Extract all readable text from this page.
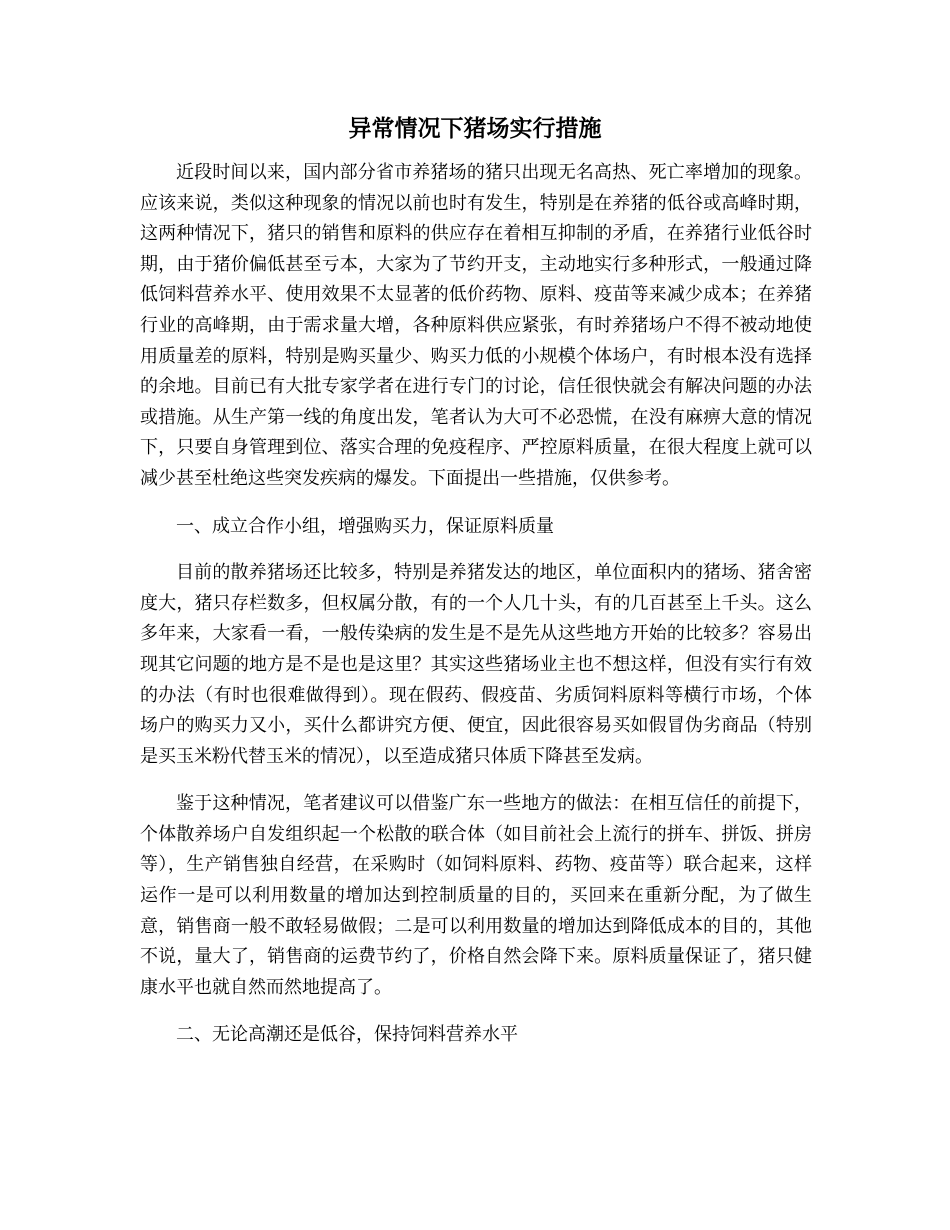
异常情况下猪场实行措施

近段时间以来，国内部分省市养猪场的猪只出现无名高热、死亡率增加的现象。应该来说，类似这种现象的情况以前也时有发生，特别是在养猪的低谷或高峰时期，这两种情况下，猪只的销售和原料的供应存在着相互抑制的矛盾，在养猪行业低谷时期，由于猪价偏低甚至亏本，大家为了节约开支，主动地实行多种形式，一般通过降低饲料营养水平、使用效果不太显著的低价药物、原料、疫苗等来减少成本；在养猪行业的高峰期，由于需求量大增，各种原料供应紧张，有时养猪场户不得不被动地使用质量差的原料，特别是购买量少、购买力低的小规模个体场户，有时根本没有选择的余地。目前已有大批专家学者在进行专门的讨论，信任很快就会有解决问题的办法或措施。从生产第一线的角度出发，笔者认为大可不必恐慌，在没有麻痹大意的情况下，只要自身管理到位、落实合理的免疫程序、严控原料质量，在很大程度上就可以减少甚至杜绝这些突发疾病的爆发。下面提出一些措施，仅供参考。

一、成立合作小组，增强购买力，保证原料质量

目前的散养猪场还比较多，特别是养猪发达的地区，单位面积内的猪场、猪舍密度大，猪只存栏数多，但权属分散，有的一个人几十头，有的几百甚至上千头。这么多年来，大家看一看，一般传染病的发生是不是先从这些地方开始的比较多？容易出现其它问题的地方是不是也是这里？其实这些猪场业主也不想这样，但没有实行有效的办法（有时也很难做得到）。现在假药、假疫苗、劣质饲料原料等横行市场，个体场户的购买力又小，买什么都讲究方便、便宜，因此很容易买如假冒伪劣商品（特别是买玉米粉代替玉米的情况），以至造成猪只体质下降甚至发病。

鉴于这种情况，笔者建议可以借鉴广东一些地方的做法：在相互信任的前提下，个体散养场户自发组织起一个松散的联合体（如目前社会上流行的拼车、拼饭、拼房等），生产销售独自经营，在采购时（如饲料原料、药物、疫苗等）联合起来，这样运作一是可以利用数量的增加达到控制质量的目的，买回来在重新分配，为了做生意，销售商一般不敢轻易做假；二是可以利用数量的增加达到降低成本的目的，其他不说，量大了，销售商的运费节约了，价格自然会降下来。原料质量保证了，猪只健康水平也就自然而然地提高了。

二、无论高潮还是低谷，保持饲料营养水平
